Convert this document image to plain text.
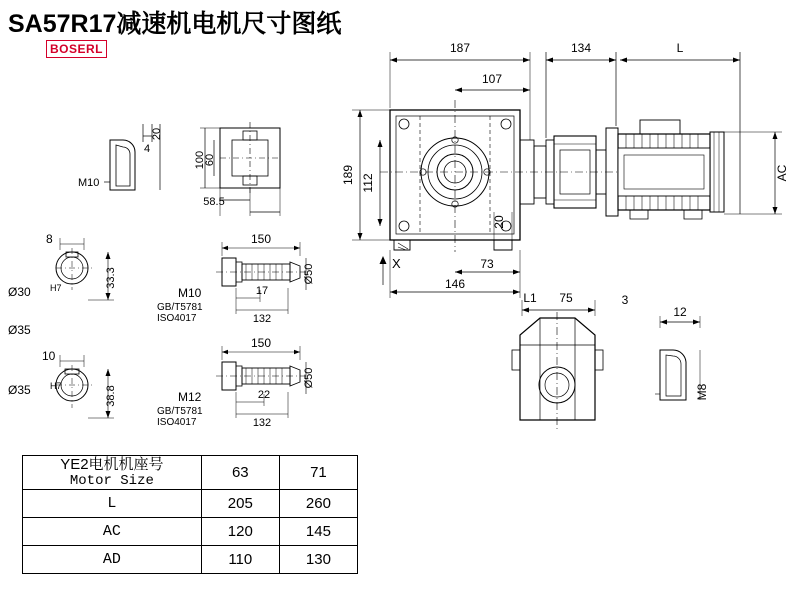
SA57R17减速机电机尺寸图纸
BOSERL	187
107
134	L
189 112
AC
146
73
20
X
L1 75	3
12
M8
M10
4
20
100
60
58.5
8
Ø30 H7	33.3
Ø35
10
Ø35 H7	38.8
150
M10
GB/T5781
ISO4017
17
132
Ø50
150
M12
GB/T5781
ISO4017
22
132
Ø50
YE2电机机座号
Motor Size	63	71
L	205	260
AC	120	145
AD	110	130
